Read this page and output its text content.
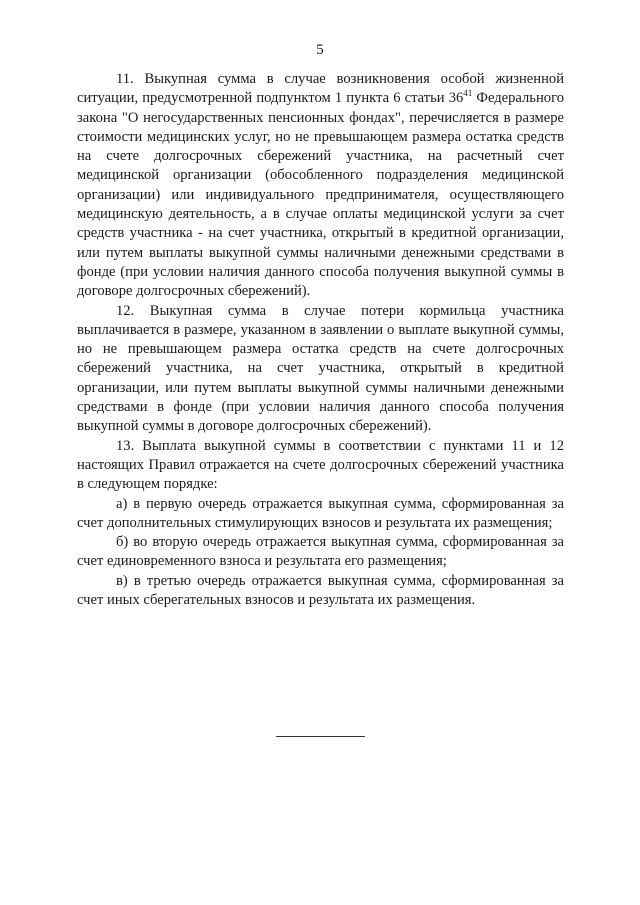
5

11. Выкупная сумма в случае возникновения особой жизненной ситуации, предусмотренной подпунктом 1 пункта 6 статьи $36^{41}$ Федерального закона "О негосударственных пенсионных фондах", перечисляется в размере стоимости медицинских услуг, но не превышающем размера остатка средств на счете долгосрочных сбережений участника, на расчетный счет медицинской организации (обособленного подразделения медицинской организации) или индивидуального предпринимателя, осуществляющего медицинскую деятельность, а в случае оплаты медицинской услуги за счет средств участника - на счет участника, открытый в кредитной организации, или путем выплаты выкупной суммы наличными денежными средствами в фонде (при условии наличия данного способа получения выкупной суммы в договоре долгосрочных сбережений).

12. Выкупная сумма в случае потери кормильца участника выплачивается в размере, указанном в заявлении о выплате выкупной суммы, но не превышающем размера остатка средств на счете долгосрочных сбережений участника, на счет участника, открытый в кредитной организации, или путем выплаты выкупной суммы наличными денежными средствами в фонде (при условии наличия данного способа получения выкупной суммы в договоре долгосрочных сбережений).

13. Выплата выкупной суммы в соответствии с пунктами 11 и 12 настоящих Правил отражается на счете долгосрочных сбережений участника в следующем порядке:

а) в первую очередь отражается выкупная сумма, сформированная за счет дополнительных стимулирующих взносов и результата их размещения;

б) во вторую очередь отражается выкупная сумма, сформированная за счет единовременного взноса и результата его размещения;

в) в третью очередь отражается выкупная сумма, сформированная за счет иных сберегательных взносов и результата их размещения.
